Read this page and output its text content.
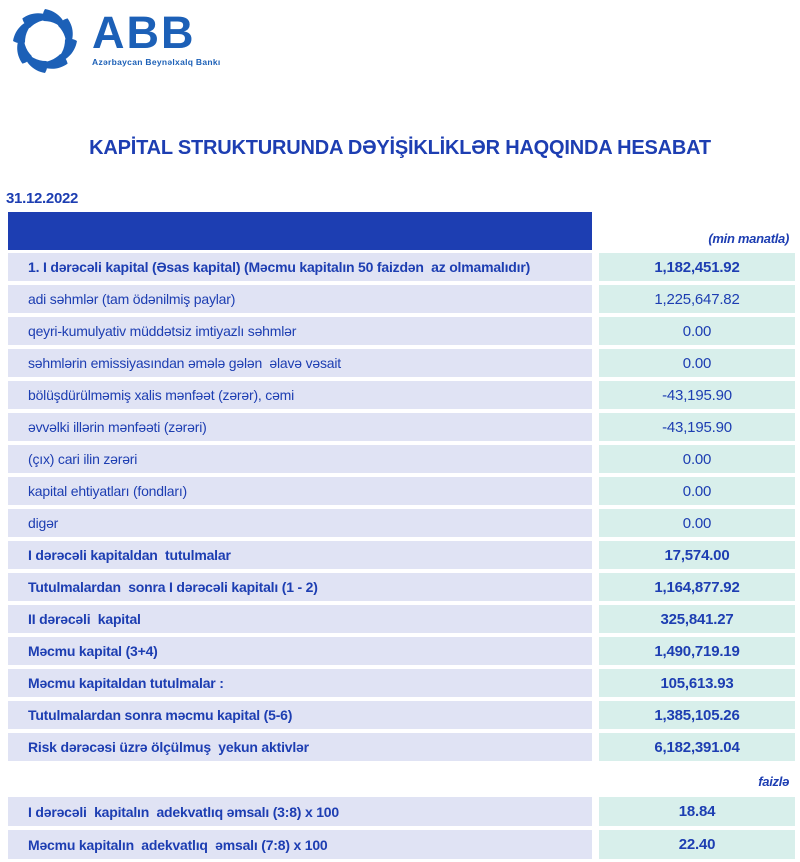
ABB
Azərbaycan Beynəlxalq Bankı
KAPİTAL STRUKTURUNDA DƏYİŞİKLİKLƏR HAQQINDA HESABAT
31.12.2022
(min manatla)
1. I dərəcəli kapital (Əsas kapital) (Məcmu kapitalın 50 faizdən  az olmamalıdır)	1,182,451.92
adi səhmlər (tam ödənilmiş paylar)	1,225,647.82
qeyri-kumulyativ müddətsiz imtiyazlı səhmlər	0.00
səhmlərin emissiyasından əmələ gələn  əlavə vəsait	0.00
bölüşdürülməmiş xalis mənfəət (zərər), cəmi	-43,195.90
əvvəlki illərin mənfəəti (zərəri)	-43,195.90
(çıx) cari ilin zərəri	0.00
kapital ehtiyatları (fondları)	0.00
digər	0.00
I dərəcəli kapitaldan  tutulmalar	17,574.00
Tutulmalardan  sonra I dərəcəli kapitalı (1 - 2)	1,164,877.92
II dərəcəli  kapital	325,841.27
Məcmu kapital (3+4)	1,490,719.19
Məcmu kapitaldan tutulmalar :	105,613.93
Tutulmalardan sonra məcmu kapital (5-6)	1,385,105.26
Risk dərəcəsi üzrə ölçülmuş  yekun aktivlər	6,182,391.04
faizlə
I dərəcəli  kapitalın  adekvatlıq əmsalı (3:8) x 100	18.84
Məcmu kapitalın  adekvatlıq  əmsalı (7:8) x 100	22.40
